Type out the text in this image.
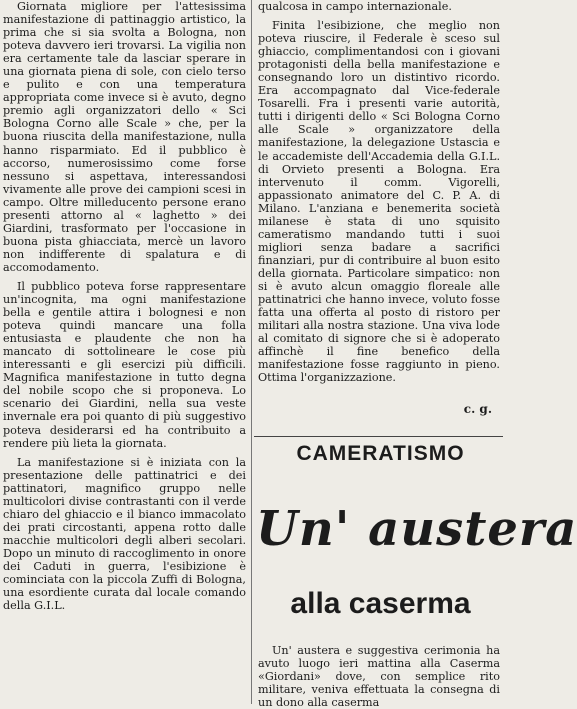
Giornata migliore per l'attesissima manifestazione di pattinaggio artistico, la prima che si sia svolta a Bologna, non poteva davvero ieri trovarsi. La vigilia non era certamente tale da lasciar sperare in una giornata piena di sole, con cielo terso e pulito e con una temperatura appropriata come invece si è avuto, degno premio agli organizzatori dello « Sci Bologna Corno alle Scale » che, per la buona riuscita della manifestazione, nulla hanno risparmiato. Ed il pubblico è accorso, numerosissimo come forse nessuno si aspettava, interessandosi vivamente alle prove dei campioni scesi in campo. Oltre milleducento persone erano presenti attorno al « laghetto » dei Giardini, trasformato per l'occasione in buona pista ghiacciata, mercè un lavoro non indifferente di spalatura e di accomodamento.

Il pubblico poteva forse rappresentare un'incognita, ma ogni manifestazione bella e gentile attira i bolognesi e non poteva quindi mancare una folla entusiasta e plaudente che non ha mancato di sottolineare le cose più interessanti e gli esercizi più difficili. Magnifica manifestazione in tutto degna del nobile scopo che si proponeva. Lo scenario dei Giardini, nella sua veste invernale era poi quanto di più suggestivo poteva desiderarsi ed ha contribuito a rendere più lieta la giornata.

La manifestazione si è iniziata con la presentazione delle pattinatrici e dei pattinatori, magnifico gruppo nelle multicolori divise contrastanti con il verde chiaro del ghiaccio e il bianco immacolato dei prati circostanti, appena rotto dalle macchie multicolori degli alberi secolari. Dopo un minuto di raccoglimento in onore dei Caduti in guerra, l'esibizione è cominciata con la piccola Zuffi di Bologna, una esordiente curata dal locale comando della G.I.L.

qualcosa in campo internazionale.

Finita l'esibizione, che meglio non poteva riuscire, il Federale è sceso sul ghiaccio, complimentandosi con i giovani protagonisti della bella manifestazione e consegnando loro un distintivo ricordo. Era accompagnato dal Vice-federale Tosarelli. Fra i presenti varie autorità, tutti i dirigenti dello « Sci Bologna Corno alle Scale » organizzatore della manifestazione, la delegazione Ustascia e le accademiste dell'Accademia della G.I.L. di Orvieto presenti a Bologna. Era intervenuto il comm. Vigorelli, appassionato animatore del C. P. A. di Milano. L'anziana e benemerita società milanese è stata di uno squisito cameratismo mandando tutti i suoi migliori senza badare a sacrifici finanziari, pur di contribuire al buon esito della giornata. Particolare simpatico: non si è avuto alcun omaggio floreale alle pattinatrici che hanno invece, voluto fosse fatta una offerta al posto di ristoro per militari alla nostra stazione. Una viva lode al comitato di signore che si è adoperato affinchè il fine benefico della manifestazione fosse raggiunto in pieno. Ottima l'organizzazione.

c. g.
CAMERATISMO
Un' austera
alla caserma

Un' austera e suggestiva cerimonia ha avuto luogo ieri mattina alla Caserma «Giordani» dove, con semplice rito militare, veniva effettuata la consegna di un dono alla caserma
